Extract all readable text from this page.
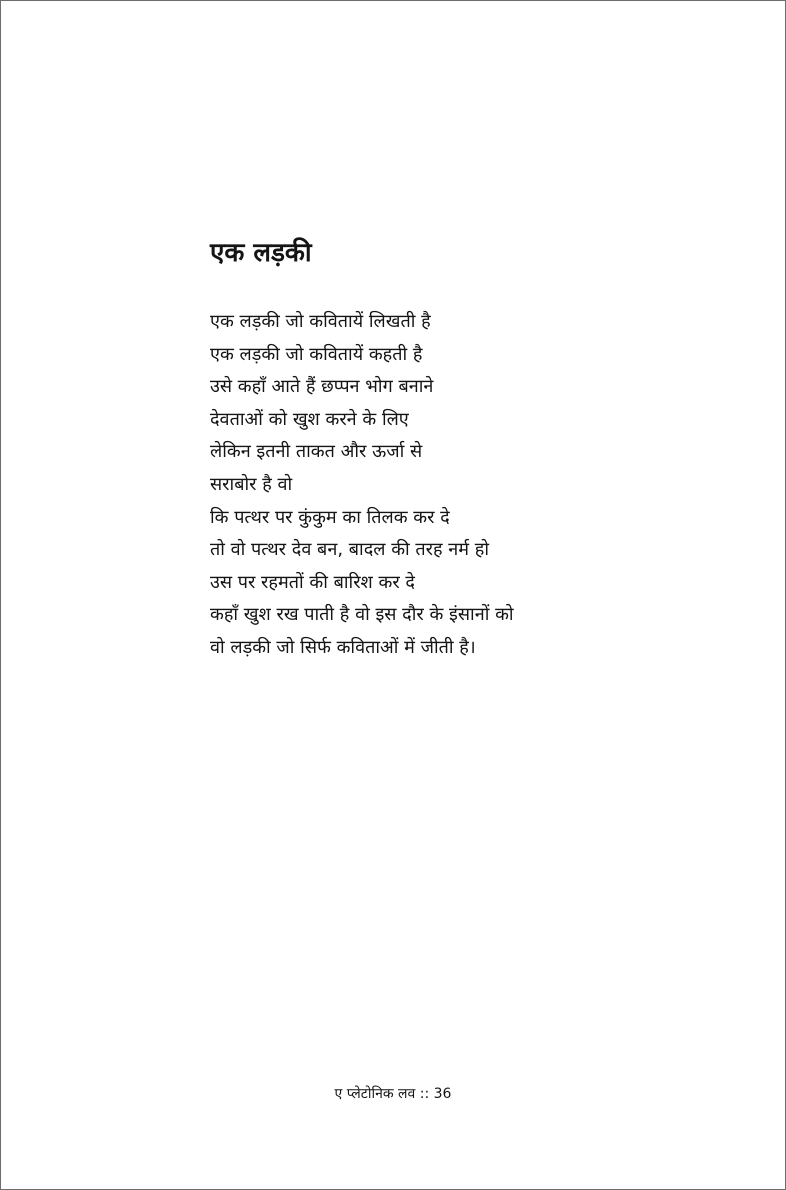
एक लड़की
एक लड़की जो कवितायें लिखती है
एक लड़की जो कवितायें कहती है
उसे कहाँ आते हैं छप्पन भोग बनाने
देवताओं को खुश करने के लिए
लेकिन इतनी ताकत और ऊर्जा से
सराबोर है वो
कि पत्थर पर कुंकुम का तिलक कर दे
तो वो पत्थर देव बन, बादल की तरह नर्म हो
उस पर रहमतों की बारिश कर दे
कहाँ खुश रख पाती है वो इस दौर के इंसानों को
वो लड़की जो सिर्फ कविताओं में जीती है।
ए प्लेटोनिक लव :: 36
